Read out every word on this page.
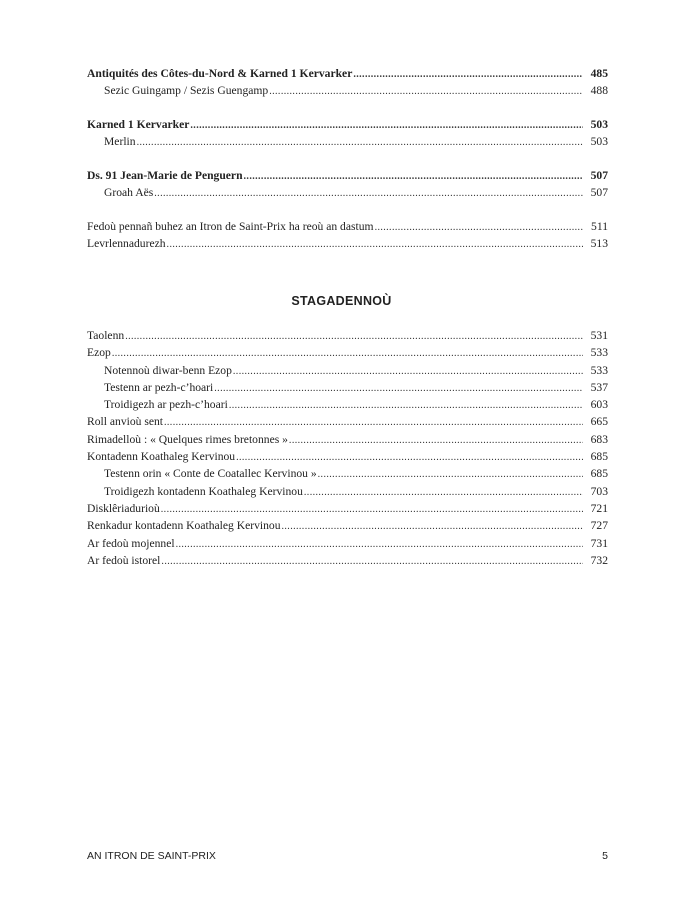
Antiquités des Côtes-du-Nord & Karned 1 Kervarker .....	485
Sezic Guingamp / Sezis Guengamp .....	488
Karned 1 Kervarker .....	503
Merlin .....	503
Ds. 91 Jean-Marie de Penguern .....	507
Groah Aës .....	507
Fedoù pennañ buhez an Itron de Saint-Prix ha reoù an dastum .....	511
Levrlennadurezh .....	513
STAGADENNOÙ
Taolenn .....	531
Ezop .....	533
Notennoù diwar-benn Ezop .....	533
Testenn ar pezh-c’hoari .....	537
Troidigezh ar pezh-c’hoari .....	603
Roll anvioù sent .....	665
Rimadelloù : « Quelques rimes bretonnes » .....	683
Kontadenn Koathaleg Kervinou .....	685
Testenn orin « Conte de Coatallec Kervinou » .....	685
Troidigezh kontadenn Koathaleg Kervinou .....	703
Disklêriadurioù .....	721
Renkadur kontadenn Koathaleg Kervinou .....	727
Ar fedoù mojennel .....	731
Ar fedoù istorel .....	732
AN ITRON DE SAINT-PRIX	5
